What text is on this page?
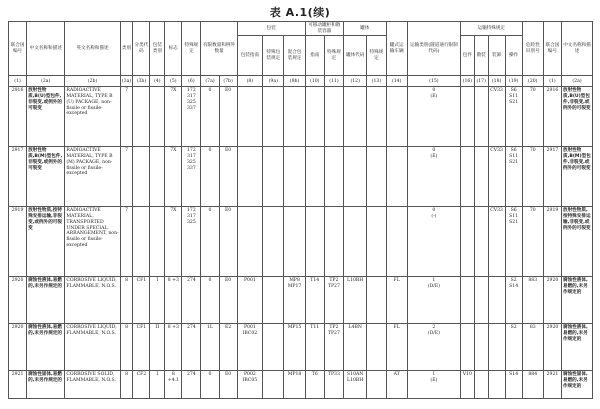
表 A.1(续)
联合国编号	中文名称和描述	英文名称和描述	类别	分类代码	包装类别	标志	特殊规定	有限数量和例外数量		包装			可移动罐柜和散装容器		罐体		罐式运输车辆	运输类别(隧道通行限制代码)	运输特殊规定				危险性识别号	联合国编号	中文名称和描述
										包装指南	特殊包装规定	混合包装规定	指南	特殊规定	罐体代码	特殊规定			包件	散装	装卸	操作			
(1)	(2a)	(2b)	(3a)	(3b)	(4)	(5)	(6)	(7a)	(7b)	(8)	(9a)	(9b)	(10)	(11)	(12)	(13)	(14)	(15)	(16)	(17)	(18)	(19)	(20)	(1)	(2a)
2916	放射性物质,B(U)型包件,非裂变,或例外的可裂变	RADIOACTIVE MATERIAL, TYPE B (U) PACKAGE, non-fissile or fissile-excepted	7			7X	172 317 325 337	0	E0									0
(E)			CV33	S6 S11 S21	70	2916	放射性物质,B(U)型包件,非裂变,或例外的可裂变
2917	放射性物质,B(M)型包件,非裂变,或例外的可裂变	RADIOACTIVE MATERIAL, TYPE B (M) PACKAGE, non-fissile or fissile-excepted	7			7X	172 317 325 337	0	E0									0
(E)			CV33	S6 S11 S21	70	2917	放射性物质,B(M)型包件,非裂变,或例外的可裂变
2919	放射性物质,按特殊安排运输,非裂变,或例外的可裂变	RADIOACTIVE MATERIAL, TRANSPORTED UNDER SPECIAL ARRANGEMENT, non-fissile or fissile-excepted	7			7X	172 317 325	0	E0									0
(-)			CV33	S6 S11 S21	70	2919	放射性物质,按特殊安排运输,非裂变,或例外的可裂变
2920	腐蚀性液体,易燃的,未另作规定的	CORROSIVE LIQUID, FLAMMABLE, N.O.S.	8	CF1	I	8 +3	274	0	E0	P001		MP8 MP17	T14	TP2 TP27	L10BH		FL	1
(D/E)				S2 S14	883	2920	腐蚀性液体,易燃的,未另作规定的
2920	腐蚀性液体,易燃的,未另作规定的	CORROSIVE LIQUID, FLAMMABLE, N.O.S.	8	CF1	II	8 +3	274	1L	E2	P001 IBC02		MP15	T11	TP2 TP27	L4BN		FL	2
(D/E)				S2	83	2920	腐蚀性液体,易燃的,未另作规定的
2921	腐蚀性固体,易燃的,未另作规定的	CORROSIVE SOLID, FLAMMABLE, N.O.S.	8	CF2	I	8 +4.1	274	0	E0	P002 IBC05		MP18	T6	TP33	S10AN L10BH		AT	1
(E)	V10			S14	884	2921	腐蚀性固体,易燃的,未另作规定的
